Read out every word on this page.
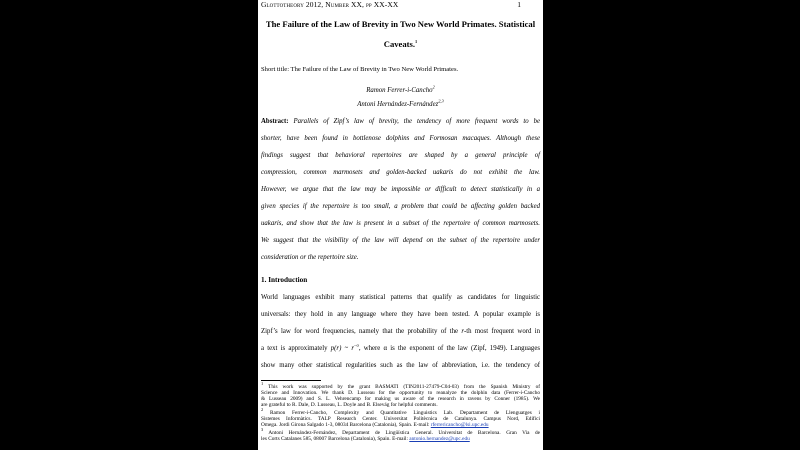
Glottotheory 2012, Number XX, pp XX-XX	1
The Failure of the Law of Brevity in Two New World Primates. Statistical
Caveats.$^1$
Short title: The Failure of the Law of Brevity in Two New World Primates.
Ramon Ferrer-i-Cancho$^2$
Antoni Hernández-Fernández$^{2,3}$
Abstract: Parallels of Zipf’s law of brevity, the tendency of more frequent words to be
shorter, have been found in bottlenose dolphins and Formosan macaques. Although these
findings suggest that behavioral repertoires are shaped by a general principle of
compression, common marmosets and golden-backed uakaris do not exhibit the law.
However, we argue that the law may be impossible or difficult to detect statistically in a
given species if the repertoire is too small, a problem that could be affecting golden backed
uakaris, and show that the law is present in a subset of the repertoire of common marmosets.
We suggest that the visibility of the law will depend on the subset of the repertoire under
consideration or the repertoire size.
1. Introduction
World languages exhibit many statistical patterns that qualify as candidates for linguistic
universals: they hold in any language where they have been tested. A popular example is
Zipf’s law for word frequencies, namely that the probability of the r-th most frequent word in
a text is approximately p(r) ~ $r^{-\alpha}$, where α is the exponent of the law (Zipf, 1949). Languages
show many other statistical regularities such as the law of abbreviation, i.e. the tendency of
$^1$ This work was supported by the grant BASMATI (TIN2011-27479-C04-03) from the Spanish Ministry of
Science and Innovation. We thank D. Lusseau for the opportunity to reanalyze the dolphin data (Ferrer-i-Cancho
& Lusseau 2009) and S. L. Vehrencamp for making us aware of the research in ravens by Conner (1985). We
are grateful to R. Dale, D. Lusseau, L. Doyle and B. Elsevág for helpful comments.
$^2$ Ramon Ferrer-i-Cancho, Complexity and Quantitative Linguistics Lab. Departament de Llenguatges i
Sistemes Informàtics. TALP Research Center. Universitat Politècnica de Catalunya. Campus Nord, Edifici
Omega. Jordi Girona Salgado 1-3, 08034 Barcelona (Catalonia), Spain. E-mail: rferrericancho@lsi.upc.edu
$^3$ Antoni Hernández-Fernández, Departament de Lingüística General. Universitat de Barcelona. Gran Via de
les Corts Catalanes 585, 08007 Barcelona (Catalonia), Spain. E-mail: antonio.hernandez@upc.edu
